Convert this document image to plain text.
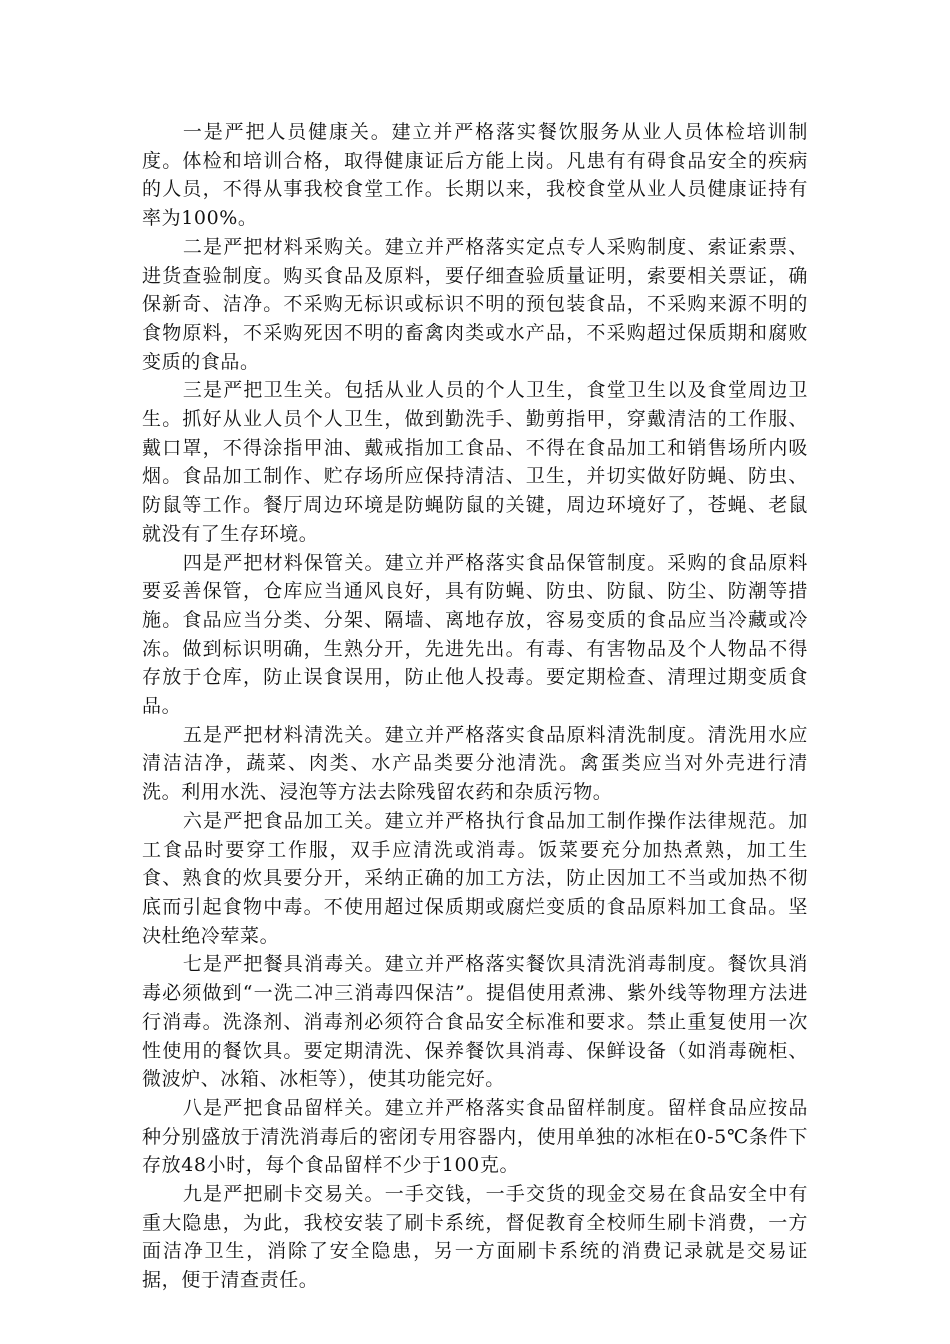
一是严把人员健康关。建立并严格落实餐饮服务从业人员体检培训制度。体检和培训合格，取得健康证后方能上岗。凡患有有碍食品安全的疾病的人员，不得从事我校食堂工作。长期以来，我校食堂从业人员健康证持有率为100%。

二是严把材料采购关。建立并严格落实定点专人采购制度、索证索票、进货查验制度。购买食品及原料，要仔细查验质量证明，索要相关票证，确保新奇、洁净。不采购无标识或标识不明的预包装食品，不采购来源不明的食物原料，不采购死因不明的畜禽肉类或水产品，不采购超过保质期和腐败变质的食品。

三是严把卫生关。包括从业人员的个人卫生，食堂卫生以及食堂周边卫生。抓好从业人员个人卫生，做到勤洗手、勤剪指甲，穿戴清洁的工作服、戴口罩，不得涂指甲油、戴戒指加工食品、不得在食品加工和销售场所内吸烟。食品加工制作、贮存场所应保持清洁、卫生，并切实做好防蝇、防虫、防鼠等工作。餐厅周边环境是防蝇防鼠的关键，周边环境好了，苍蝇、老鼠就没有了生存环境。

四是严把材料保管关。建立并严格落实食品保管制度。采购的食品原料要妥善保管，仓库应当通风良好，具有防蝇、防虫、防鼠、防尘、防潮等措施。食品应当分类、分架、隔墙、离地存放，容易变质的食品应当冷藏或冷冻。做到标识明确，生熟分开，先进先出。有毒、有害物品及个人物品不得存放于仓库，防止误食误用，防止他人投毒。要定期检查、清理过期变质食品。

五是严把材料清洗关。建立并严格落实食品原料清洗制度。清洗用水应清洁洁净，蔬菜、肉类、水产品类要分池清洗。禽蛋类应当对外壳进行清洗。利用水洗、浸泡等方法去除残留农药和杂质污物。

六是严把食品加工关。建立并严格执行食品加工制作操作法律规范。加工食品时要穿工作服，双手应清洗或消毒。饭菜要充分加热煮熟，加工生食、熟食的炊具要分开，采纳正确的加工方法，防止因加工不当或加热不彻底而引起食物中毒。不使用超过保质期或腐烂变质的食品原料加工食品。坚决杜绝冷荤菜。

七是严把餐具消毒关。建立并严格落实餐饮具清洗消毒制度。餐饮具消毒必须做到“一洗二冲三消毒四保洁”。提倡使用煮沸、紫外线等物理方法进行消毒。洗涤剂、消毒剂必须符合食品安全标准和要求。禁止重复使用一次性使用的餐饮具。要定期清洗、保养餐饮具消毒、保鲜设备（如消毒碗柜、微波炉、冰箱、冰柜等），使其功能完好。

八是严把食品留样关。建立并严格落实食品留样制度。留样食品应按品种分别盛放于清洗消毒后的密闭专用容器内，使用单独的冰柜在0-5℃条件下存放48小时，每个食品留样不少于100克。

九是严把刷卡交易关。一手交钱，一手交货的现金交易在食品安全中有重大隐患，为此，我校安装了刷卡系统，督促教育全校师生刷卡消费，一方面洁净卫生，消除了安全隐患，另一方面刷卡系统的消费记录就是交易证据，便于清查责任。
